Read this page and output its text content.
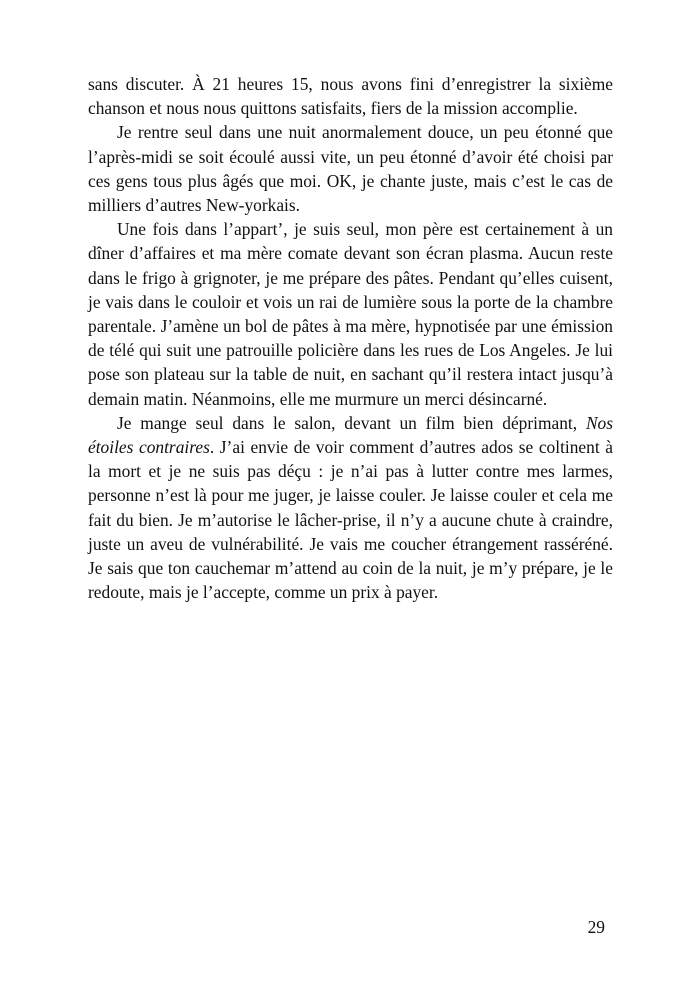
sans discuter. À 21 heures 15, nous avons fini d’enregistrer la sixième chanson et nous nous quittons satisfaits, fiers de la mission accomplie.

Je rentre seul dans une nuit anormalement douce, un peu étonné que l’après-midi se soit écoulé aussi vite, un peu étonné d’avoir été choisi par ces gens tous plus âgés que moi. OK, je chante juste, mais c’est le cas de milliers d’autres New-yorkais.

Une fois dans l’appart’, je suis seul, mon père est certainement à un dîner d’affaires et ma mère comate devant son écran plasma. Aucun reste dans le frigo à grignoter, je me prépare des pâtes. Pendant qu’elles cuisent, je vais dans le couloir et vois un rai de lumière sous la porte de la chambre parentale. J’amène un bol de pâtes à ma mère, hypnotisée par une émission de télé qui suit une patrouille policière dans les rues de Los Angeles. Je lui pose son plateau sur la table de nuit, en sachant qu’il restera intact jusqu’à demain matin. Néanmoins, elle me murmure un merci désincarné.

Je mange seul dans le salon, devant un film bien déprimant, Nos étoiles contraires. J’ai envie de voir comment d’autres ados se coltinent à la mort et je ne suis pas déçu : je n’ai pas à lutter contre mes larmes, personne n’est là pour me juger, je laisse couler. Je laisse couler et cela me fait du bien. Je m’autorise le lâcher-prise, il n’y a aucune chute à craindre, juste un aveu de vulnérabilité. Je vais me coucher étrangement rasséréné. Je sais que ton cauchemar m’attend au coin de la nuit, je m’y prépare, je le redoute, mais je l’accepte, comme un prix à payer.

29
